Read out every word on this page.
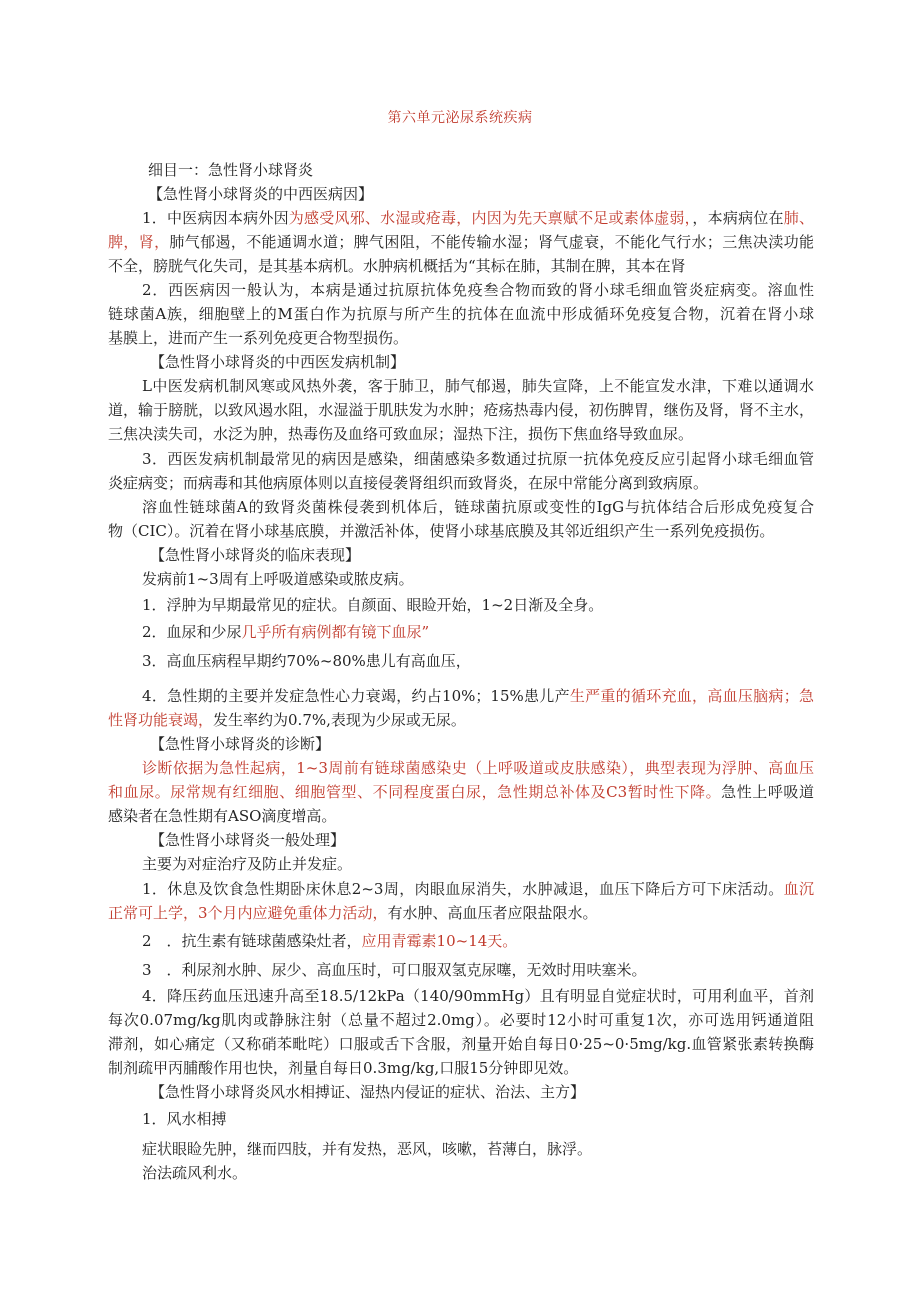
第六单元泌尿系统疾病
细目一：急性肾小球肾炎
【急性肾小球肾炎的中西医病因】
1．中医病因本病外因为感受风邪、水湿或疮毒，内因为先天禀赋不足或素体虚弱，，本病病位在肺、
脾，肾，肺气郁遏，不能通调水道；脾气困阻，不能传输水湿；肾气虚衰，不能化气行水；三焦决渎功能
不全，膀胱气化失司，是其基本病机。水肿病机概括为“其标在肺，其制在脾，其本在肾
2．西医病因一般认为，本病是通过抗原抗体免疫叁合物而致的肾小球毛细血管炎症病变。溶血性
链球菌A族，细胞壁上的M蛋白作为抗原与所产生的抗体在血流中形成循环免疫复合物，沉着在肾小球
基膜上，进而产生一系列免疫更合物型损伤。
【急性肾小球肾炎的中西医发病机制】
L中医发病机制风寒或风热外袭，客于肺卫，肺气郁遏，肺失宣降，上不能宣发水津，下难以通调水
道，输于膀胱，以致风遏水阻，水湿溢于肌肤发为水肿；疮疡热毒内侵，初伤脾胃，继伤及肾，肾不主水，
三焦决渎失司，水泛为肿，热毒伤及血络可致血尿；湿热下注，损伤下焦血络导致血尿。
3．西医发病机制最常见的病因是感染，细菌感染多数通过抗原一抗体免疫反应引起肾小球毛细血管
炎症病变；而病毒和其他病原体则以直接侵袭肾组织而致肾炎，在尿中常能分离到致病原。
溶血性链球菌A的致肾炎菌株侵袭到机体后，链球菌抗原或变性的IgG与抗体结合后形成免疫复合
物（CIC）。沉着在肾小球基底膜，并激活补体，使肾小球基底膜及其邻近组织产生一系列免疫损伤。
【急性肾小球肾炎的临床表现】
发病前1~3周有上呼吸道感染或脓皮病。
1．浮肿为早期最常见的症状。自颜面、眼睑开始，1~2日渐及全身。
2．血尿和少尿几乎所有病例都有镜下血尿”
3．高血压病程早期约70%~80%患儿有高血压，
4．急性期的主要并发症急性心力衰竭，约占10%；15%患儿产生严重的循环充血，高血压脑病；急
性肾功能衰竭，发生率约为0.7%,表现为少尿或无尿。
【急性肾小球肾炎的诊断】
诊断依据为急性起病，1~3周前有链球菌感染史（上呼吸道或皮肤感染），典型表现为浮肿、高血压
和血尿。尿常规有红细胞、细胞管型、不同程度蛋白尿，急性期总补体及C3暂时性下降。急性上呼吸道
感染者在急性期有ASO滴度增高。
【急性肾小球肾炎一般处理】
主要为对症治疗及防止并发症。
1．休息及饮食急性期卧床休息2~3周，肉眼血尿消失，水肿减退，血压下降后方可下床活动。血沉
正常可上学，3个月内应避免重体力活动，有水肿、高血压者应限盐限水。
2　．抗生素有链球菌感染灶者，应用青霉素10~14天。
3　．利尿剂水肿、尿少、高血压时，可口服双氢克尿噻，无效时用呋塞米。
4．降压药血压迅速升高至18.5/12kPa（140/90mmHg）且有明显自觉症状时，可用利血平，首剂
每次0.07mg/kg肌肉或静脉注射（总量不超过2.0mg）。必要时12小时可重复1次，亦可选用钙通道阻
滞剂，如心痛定（又称硝苯毗咤）口服或舌下含服，剂量开始自每日0·25~0·5mg/kg.血管紧张素转换酶
制剂疏甲丙脯酸作用也快，剂量自每日0.3mg/kg,口服15分钟即见效。
【急性肾小球肾炎风水相搏证、湿热内侵证的症状、治法、主方】
1．风水相搏
症状眼睑先肿，继而四肢，并有发热，恶风，咳嗽，苔薄白，脉浮。
治法疏风利水。
